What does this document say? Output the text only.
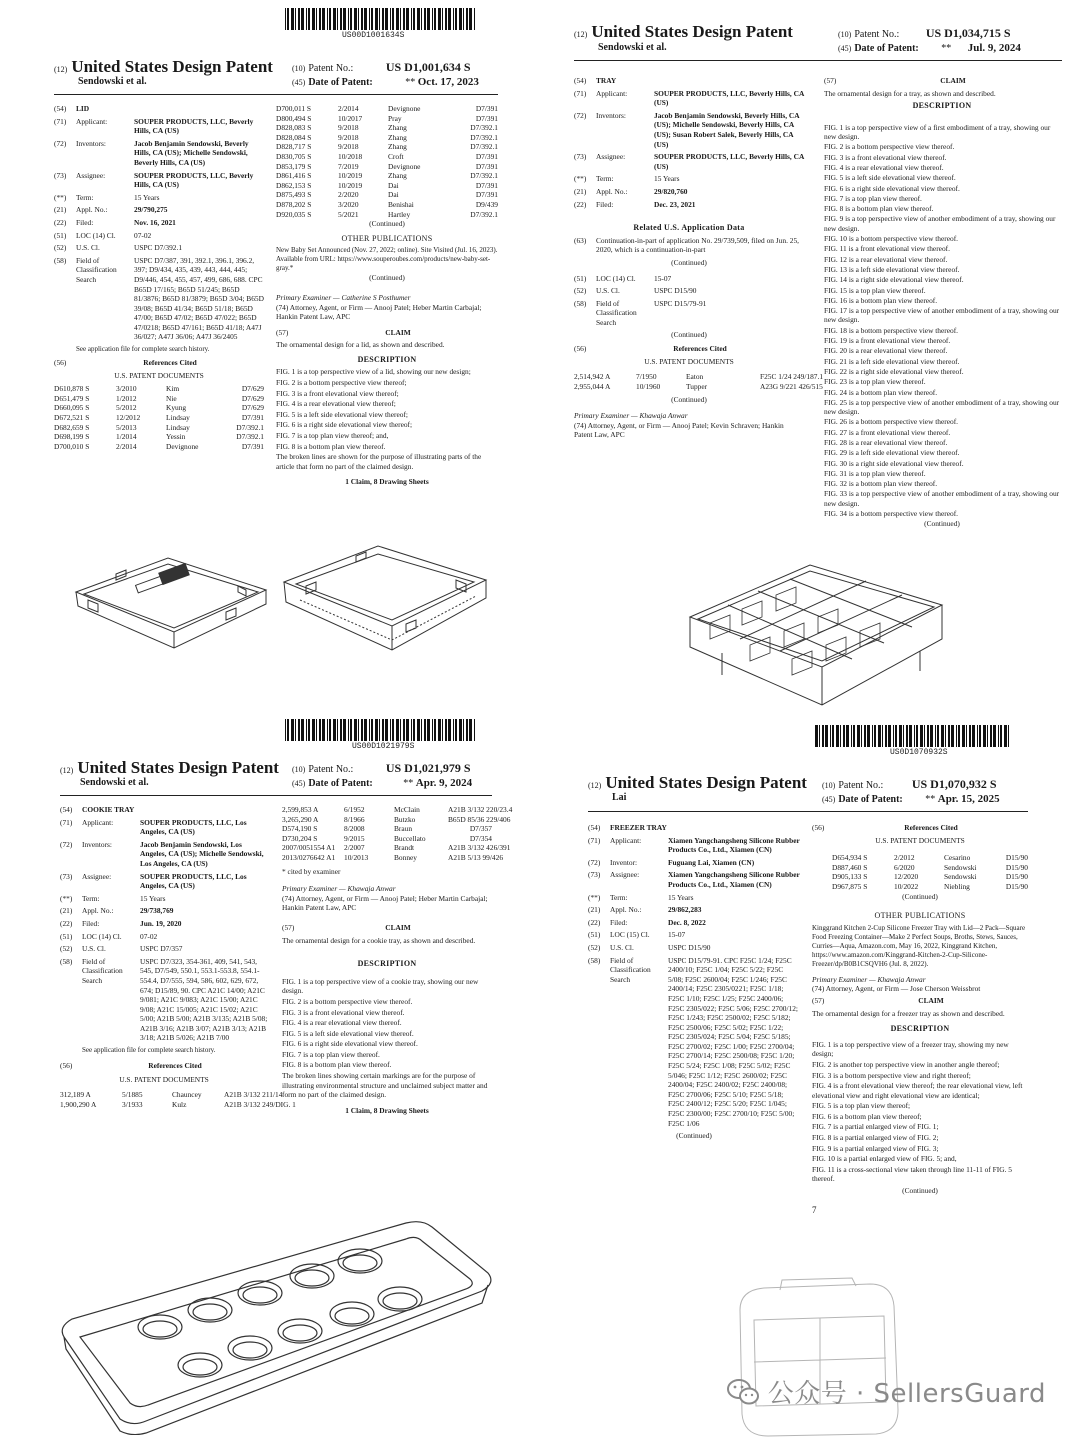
US00D1001634S
(12) United States Design Patent
Sendowski et al.
(10) Patent No.:	US D1,001,634 S
(45) Date of Patent:	** Oct. 17, 2023
(54)	LID
(71)	Applicant:	SOUPER PRODUCTS, LLC, Beverly Hills, CA (US)
(72)	Inventors:	Jacob Benjamin Sendowski, Beverly Hills, CA (US); Michelle Sendowski, Beverly Hills, CA (US)
(73)	Assignee:	SOUPER PRODUCTS, LLC, Beverly Hills, CA (US)
(**)	Term:	15 Years
(21)	Appl. No.:	29/790,275
(22)	Filed:	Nov. 16, 2021
(51)	LOC (14) Cl.	07-02
(52)	U.S. Cl.	USPC D7/392.1
(58)	Field of Classification Search
USPC D7/387, 391, 392.1, 396.1, 396.2, 397; D9/434, 435, 439, 443, 444, 445; D9/446, 454, 455, 457, 499, 686, 688. CPC B65D 17/165; B65D 51/245; B65D 81/3876; B65D 81/3879; B65D 3/04; B65D 39/08; B65D 41/34; B65D 51/18; B65D 47/00; B65D 47/02; B65D 47/022; B65D 47/0218; B65D 47/161; B65D 41/18; A47J 36/027; A47J 36/06; A47J 36/2405
See application file for complete search history.
(56)	References Cited
U.S. PATENT DOCUMENTS
D610,878 S	3/2010	Kim	D7/629
D651,479 S	1/2012	Nie	D7/629
D660,095 S	5/2012	Kyung	D7/629
D672,521 S	12/2012	Lindsay	D7/391
D682,659 S	5/2013	Lindsay	D7/392.1
D698,199 S	1/2014	Yessin	D7/392.1
D700,010 S	2/2014	Devignone	D7/391
D700,011 S	2/2014	Devignone	D7/391
D800,494 S	10/2017	Pray	D7/391
D828,083 S	9/2018	Zhang	D7/392.1
D828,084 S	9/2018	Zhang	D7/392.1
D828,717 S	9/2018	Zhang	D7/392.1
D830,705 S	10/2018	Croft	D7/391
D853,179 S	7/2019	Devignone	D7/391
D861,416 S	10/2019	Zhang	D7/392.1
D862,153 S	10/2019	Dai	D7/391
D875,493 S	2/2020	Dai	D7/391
D878,202 S	3/2020	Benishai	D9/439
D920,035 S	5/2021	Hartley	D7/392.1
(Continued)
OTHER PUBLICATIONS
New Baby Set Announced (Nov. 27, 2022; online). Site Visited (Jul. 16, 2023). Available from URL: https://www.souperoubes.com/products/new-baby-set-gray.*
(Continued)
Primary Examiner — Catherine S Posthumer
(74) Attorney, Agent, or Firm — Anooj Patel; Heber Martin Carbajal; Hankin Patent Law, APC
(57)	CLAIM
The ornamental design for a lid, as shown and described.
DESCRIPTION

FIG. 1 is a top perspective view of a lid, showing our new design;

FIG. 2 is a bottom perspective view thereof;

FIG. 3 is a front elevational view thereof;

FIG. 4 is a rear elevational view thereof;

FIG. 5 is a left side elevational view thereof;

FIG. 6 is a right side elevational view thereof;

FIG. 7 is a top plan view thereof; and,

FIG. 8 is a bottom plan view thereof.

The broken lines are shown for the purpose of illustrating parts of the article that form no part of the claimed design.

1 Claim, 8 Drawing Sheets
(12) United States Design Patent
Sendowski et al.
(10) Patent No.: US D1,034,715 S
(45) Date of Patent: ** Jul. 9, 2024
(54)	TRAY
(71)	Applicant:	SOUPER PRODUCTS, LLC, Beverly Hills, CA (US)
(72)	Inventors:	Jacob Benjamin Sendowski, Beverly Hills, CA (US); Michelle Sendowski, Beverly Hills, CA (US); Susan Robert Salek, Beverly Hills, CA (US)
(73)	Assignee:	SOUPER PRODUCTS, LLC, Beverly Hills, CA (US)
(**)	Term:	15 Years
(21)	Appl. No.:	29/820,760
(22)	Filed:	Dec. 23, 2021
Related U.S. Application Data
(63)	Continuation-in-part of application No. 29/739,509, filed on Jun. 25, 2020, which is a continuation-in-part
(Continued)
(51)	LOC (14) Cl.	15-07
(52)	U.S. Cl.	USPC D15/90
(58)	Field of Classification Search
USPC D15/79-91
(Continued)
(56)	References Cited
U.S. PATENT DOCUMENTS
2,514,942 A	7/1950	Eaton	F25C 1/24 249/187.1
2,955,044 A	10/1960	Tupper	A23G 9/221 426/515
(Continued)
Primary Examiner — Khawaja Anwar
(74) Attorney, Agent, or Firm — Anooj Patel; Kevin Schraven; Hankin Patent Law, APC
(57)	CLAIM
The ornamental design for a tray, as shown and described.
DESCRIPTION

FIG. 1 is a top perspective view of a first embodiment of a tray, showing our new design.

FIG. 2 is a bottom perspective view thereof.

FIG. 3 is a front elevational view thereof.

FIG. 4 is a rear elevational view thereof.

FIG. 5 is a left side elevational view thereof.

FIG. 6 is a right side elevational view thereof.

FIG. 7 is a top plan view thereof.

FIG. 8 is a bottom plan view thereof.

FIG. 9 is a top perspective view of another embodiment of a tray, showing our new design.

FIG. 10 is a bottom perspective view thereof.

FIG. 11 is a front elevational view thereof.

FIG. 12 is a rear elevational view thereof.

FIG. 13 is a left side elevational view thereof.

FIG. 14 is a right side elevational view thereof.

FIG. 15 is a top plan view thereof.

FIG. 16 is a bottom plan view thereof.

FIG. 17 is a top perspective view of another embodiment of a tray, showing our new design.

FIG. 18 is a bottom perspective view thereof.

FIG. 19 is a front elevational view thereof.

FIG. 20 is a rear elevational view thereof.

FIG. 21 is a left side elevational view thereof.

FIG. 22 is a right side elevational view thereof.

FIG. 23 is a top plan view thereof.

FIG. 24 is a bottom plan view thereof.

FIG. 25 is a top perspective view of another embodiment of a tray, showing our new design.

FIG. 26 is a bottom perspective view thereof.

FIG. 27 is a front elevational view thereof.

FIG. 28 is a rear elevational view thereof.

FIG. 29 is a left side elevational view thereof.

FIG. 30 is a right side elevational view thereof.

FIG. 31 is a top plan view thereof.

FIG. 32 is a bottom plan view thereof.

FIG. 33 is a top perspective view of another embodiment of a tray, showing our new design.

FIG. 34 is a bottom perspective view thereof.

(Continued)
US00D1021979S
(12) United States Design Patent
Sendowski et al.
(10) Patent No.:	US D1,021,979 S
(45) Date of Patent:	** Apr. 9, 2024
(54)	COOKIE TRAY
(71)	Applicant:	SOUPER PRODUCTS, LLC, Los Angeles, CA (US)
(72)	Inventors:	Jacob Benjamin Sendowski, Los Angeles, CA (US); Michelle Sendowski, Los Angeles, CA (US)
(73)	Assignee:	SOUPER PRODUCTS, LLC, Los Angeles, CA (US)
(**)	Term:	15 Years
(21)	Appl. No.:	29/738,769
(22)	Filed:	Jun. 19, 2020
(51)	LOC (14) Cl.	07-02
(52)	U.S. Cl.	USPC D7/357
(58)	Field of Classification Search
USPC D7/323, 354-361, 409, 541, 543, 545, D7/549, 550.1, 553.1-553.8, 554.1-554.4, D7/555, 594, 586, 602, 629, 672, 674; D15/89, 90. CPC A21C 14/00; A21C 9/081; A21C 9/083; A21C 15/00; A21C 9/08; A21C 15/005; A21C 15/02; A21C 5/00; A21B 5/00; A21B 3/135; A21B 5/08; A21B 3/16; A21B 3/07; A21B 3/13; A21B 3/18; A21B 5/026; A21B 7/00
See application file for complete search history.
(56)	References Cited
U.S. PATENT DOCUMENTS
312,189 A	5/1885	Chauncey	A21B 3/132 211/14
1,900,290 A	3/1933	Kulz	A21B 3/132 249/DIG. 1
2,599,853 A	6/1952	McClain	A21B 3/132 220/23.4
3,265,290 A	8/1966	Butzko	B65D 85/36 229/406
D574,190 S	8/2008	Braun	D7/357
D730,204 S	9/2015	Buccellato	D7/354
2007/0051554 A1	2/2007	Brandt	A21B 3/132 426/391
2013/0276642 A1	10/2013	Bonney	A21B 5/13 99/426
* cited by examiner
Primary Examiner — Khawaja Anwar
(74) Attorney, Agent, or Firm — Anooj Patel; Heber Martin Carbajal; Hankin Patent Law, APC
(57)	CLAIM
The ornamental design for a cookie tray, as shown and described.
DESCRIPTION

FIG. 1 is a top perspective view of a cookie tray, showing our new design.

FIG. 2 is a bottom perspective view thereof.

FIG. 3 is a front elevational view thereof.

FIG. 4 is a rear elevational view thereof.

FIG. 5 is a left side elevational view thereof.

FIG. 6 is a right side elevational view thereof.

FIG. 7 is a top plan view thereof.

FIG. 8 is a bottom plan view thereof.

The broken lines showing certain markings are for the purpose of illustrating environmental structure and unclaimed subject matter and form no part of the claimed design.

1 Claim, 8 Drawing Sheets
US0D1070932S
(12) United States Design Patent
Lai
(10) Patent No.: US D1,070,932 S
(45) Date of Patent: ** Apr. 15, 2025
(54)	FREEZER TRAY
(71)	Applicant:	Xiamen Yangchangsheng Silicone Rubber Products Co., Ltd., Xiamen (CN)
(72)	Inventor:	Fuguang Lai, Xiamen (CN)
(73)	Assignee:	Xiamen Yangchangsheng Silicone Rubber Products Co., Ltd., Xiamen (CN)
(**)	Term:	15 Years
(21)	Appl. No.:	29/862,283
(22)	Filed:	Dec. 8, 2022
(51)	LOC (15) Cl.	15-07
(52)	U.S. Cl.	USPC D15/90
(58)	Field of Classification Search
USPC D15/79-91. CPC F25C 1/24; F25C 2400/10; F25C 1/04; F25C 5/22; F25C 5/08; F25C 2600/04; F25C 1/246; F25C 2400/14; F25C 2305/0221; F25C 1/18; F25C 1/10; F25C 1/25; F25C 2400/06; F25C 2305/022; F25C 5/06; F25C 2700/12; F25C 1/243; F25C 2500/02; F25C 5/182; F25C 2500/06; F25C 5/02; F25C 1/22; F25C 2305/024; F25C 5/04; F25C 5/185; F25C 2700/02; F25C 1/00; F25C 2700/04; F25C 2700/14; F25C 2500/08; F25C 1/20; F25C 5/24; F25C 1/08; F25C 5/02; F25C 5/046; F25C 1/12; F25C 2600/02; F25C 2400/04; F25C 2400/02; F25C 2400/08; F25C 2700/06; F25C 5/10; F25C 5/18; F25C 2400/12; F25C 5/20; F25C 1/045; F25C 2300/00; F25C 2700/10; F25C 5/00; F25C 1/06
(Continued)
(56)	References Cited
U.S. PATENT DOCUMENTS
D654,934 S	2/2012	Cesarino	D15/90
D887,460 S	6/2020	Sendowski	D15/90
D905,133 S	12/2020	Sendowski	D15/90
D967,875 S	10/2022	Niebling	D15/90
(Continued)
OTHER PUBLICATIONS
Kinggrand Kitchen 2-Cup Silicone Freezer Tray with Lid—2 Pack—Square Food Freezing Container—Make 2 Perfect Soups, Broths, Stews, Sauces, Curries—Aqua, Amazon.com, May 16, 2022, Kinggrand Kitchen, https://www.amazon.com/Kinggrand-Kitchen-2-Cup-Silicone-Freezer/dp/B0B1CSQVH6 (Jul. 8, 2022).
Primary Examiner — Khawaja Anwar
(74) Attorney, Agent, or Firm — Jose Cherson Weissbrot
(57)	CLAIM
The ornamental design for a freezer tray as shown and described.
DESCRIPTION

FIG. 1 is a top perspective view of a freezer tray, showing my new design;

FIG. 2 is another top perspective view in another angle thereof;

FIG. 3 is a bottom perspective view and right thereof;

FIG. 4 is a front elevational view thereof; the rear elevational view, left elevational view and right elevational view are identical;

FIG. 5 is a top plan view thereof;

FIG. 6 is a bottom plan view thereof;

FIG. 7 is a partial enlarged view of FIG. 1;

FIG. 8 is a partial enlarged view of FIG. 2;

FIG. 9 is a partial enlarged view of FIG. 3;

FIG. 10 is a partial enlarged view of FIG. 5; and,

FIG. 11 is a cross-sectional view taken through line 11-11 of FIG. 5 thereof.

(Continued)
7
公众号 · SellersGuard
